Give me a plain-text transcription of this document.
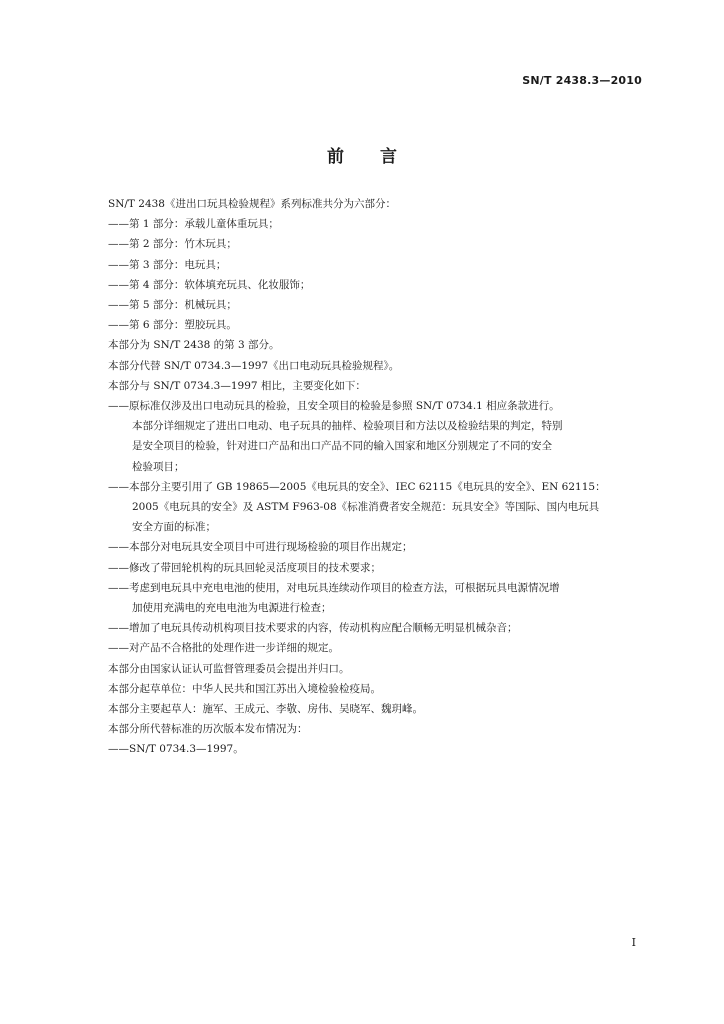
SN/T 2438.3—2010
前言
SN/T 2438《进出口玩具检验规程》系列标准共分为六部分：
——第 1 部分：承载儿童体重玩具；
——第 2 部分：竹木玩具；
——第 3 部分：电玩具；
——第 4 部分：软体填充玩具、化妆服饰；
——第 5 部分：机械玩具；
——第 6 部分：塑胶玩具。
本部分为 SN/T 2438 的第 3 部分。
本部分代替 SN/T 0734.3—1997《出口电动玩具检验规程》。
本部分与 SN/T 0734.3—1997 相比，主要变化如下：
——原标准仅涉及出口电动玩具的检验，且安全项目的检验是参照 SN/T 0734.1 相应条款进行。
本部分详细规定了进出口电动、电子玩具的抽样、检验项目和方法以及检验结果的判定，特别
是安全项目的检验，针对进口产品和出口产品不同的输入国家和地区分别规定了不同的安全
检验项目；
——本部分主要引用了 GB 19865—2005《电玩具的安全》、IEC 62115《电玩具的安全》、EN 62115：
2005《电玩具的安全》及 ASTM F963-08《标准消费者安全规范：玩具安全》等国际、国内电玩具
安全方面的标准；
——本部分对电玩具安全项目中可进行现场检验的项目作出规定；
——修改了带回轮机构的玩具回轮灵活度项目的技术要求；
——考虑到电玩具中充电电池的使用，对电玩具连续动作项目的检查方法，可根据玩具电源情况增
加使用充满电的充电电池为电源进行检查；
——增加了电玩具传动机构项目技术要求的内容，传动机构应配合顺畅无明显机械杂音；
——对产品不合格批的处理作进一步详细的规定。
本部分由国家认证认可监督管理委员会提出并归口。
本部分起草单位：中华人民共和国江苏出入境检验检疫局。
本部分主要起草人：施军、王成元、李敬、房伟、吴晓军、魏玥峰。
本部分所代替标准的历次版本发布情况为：
——SN/T 0734.3—1997。
I
